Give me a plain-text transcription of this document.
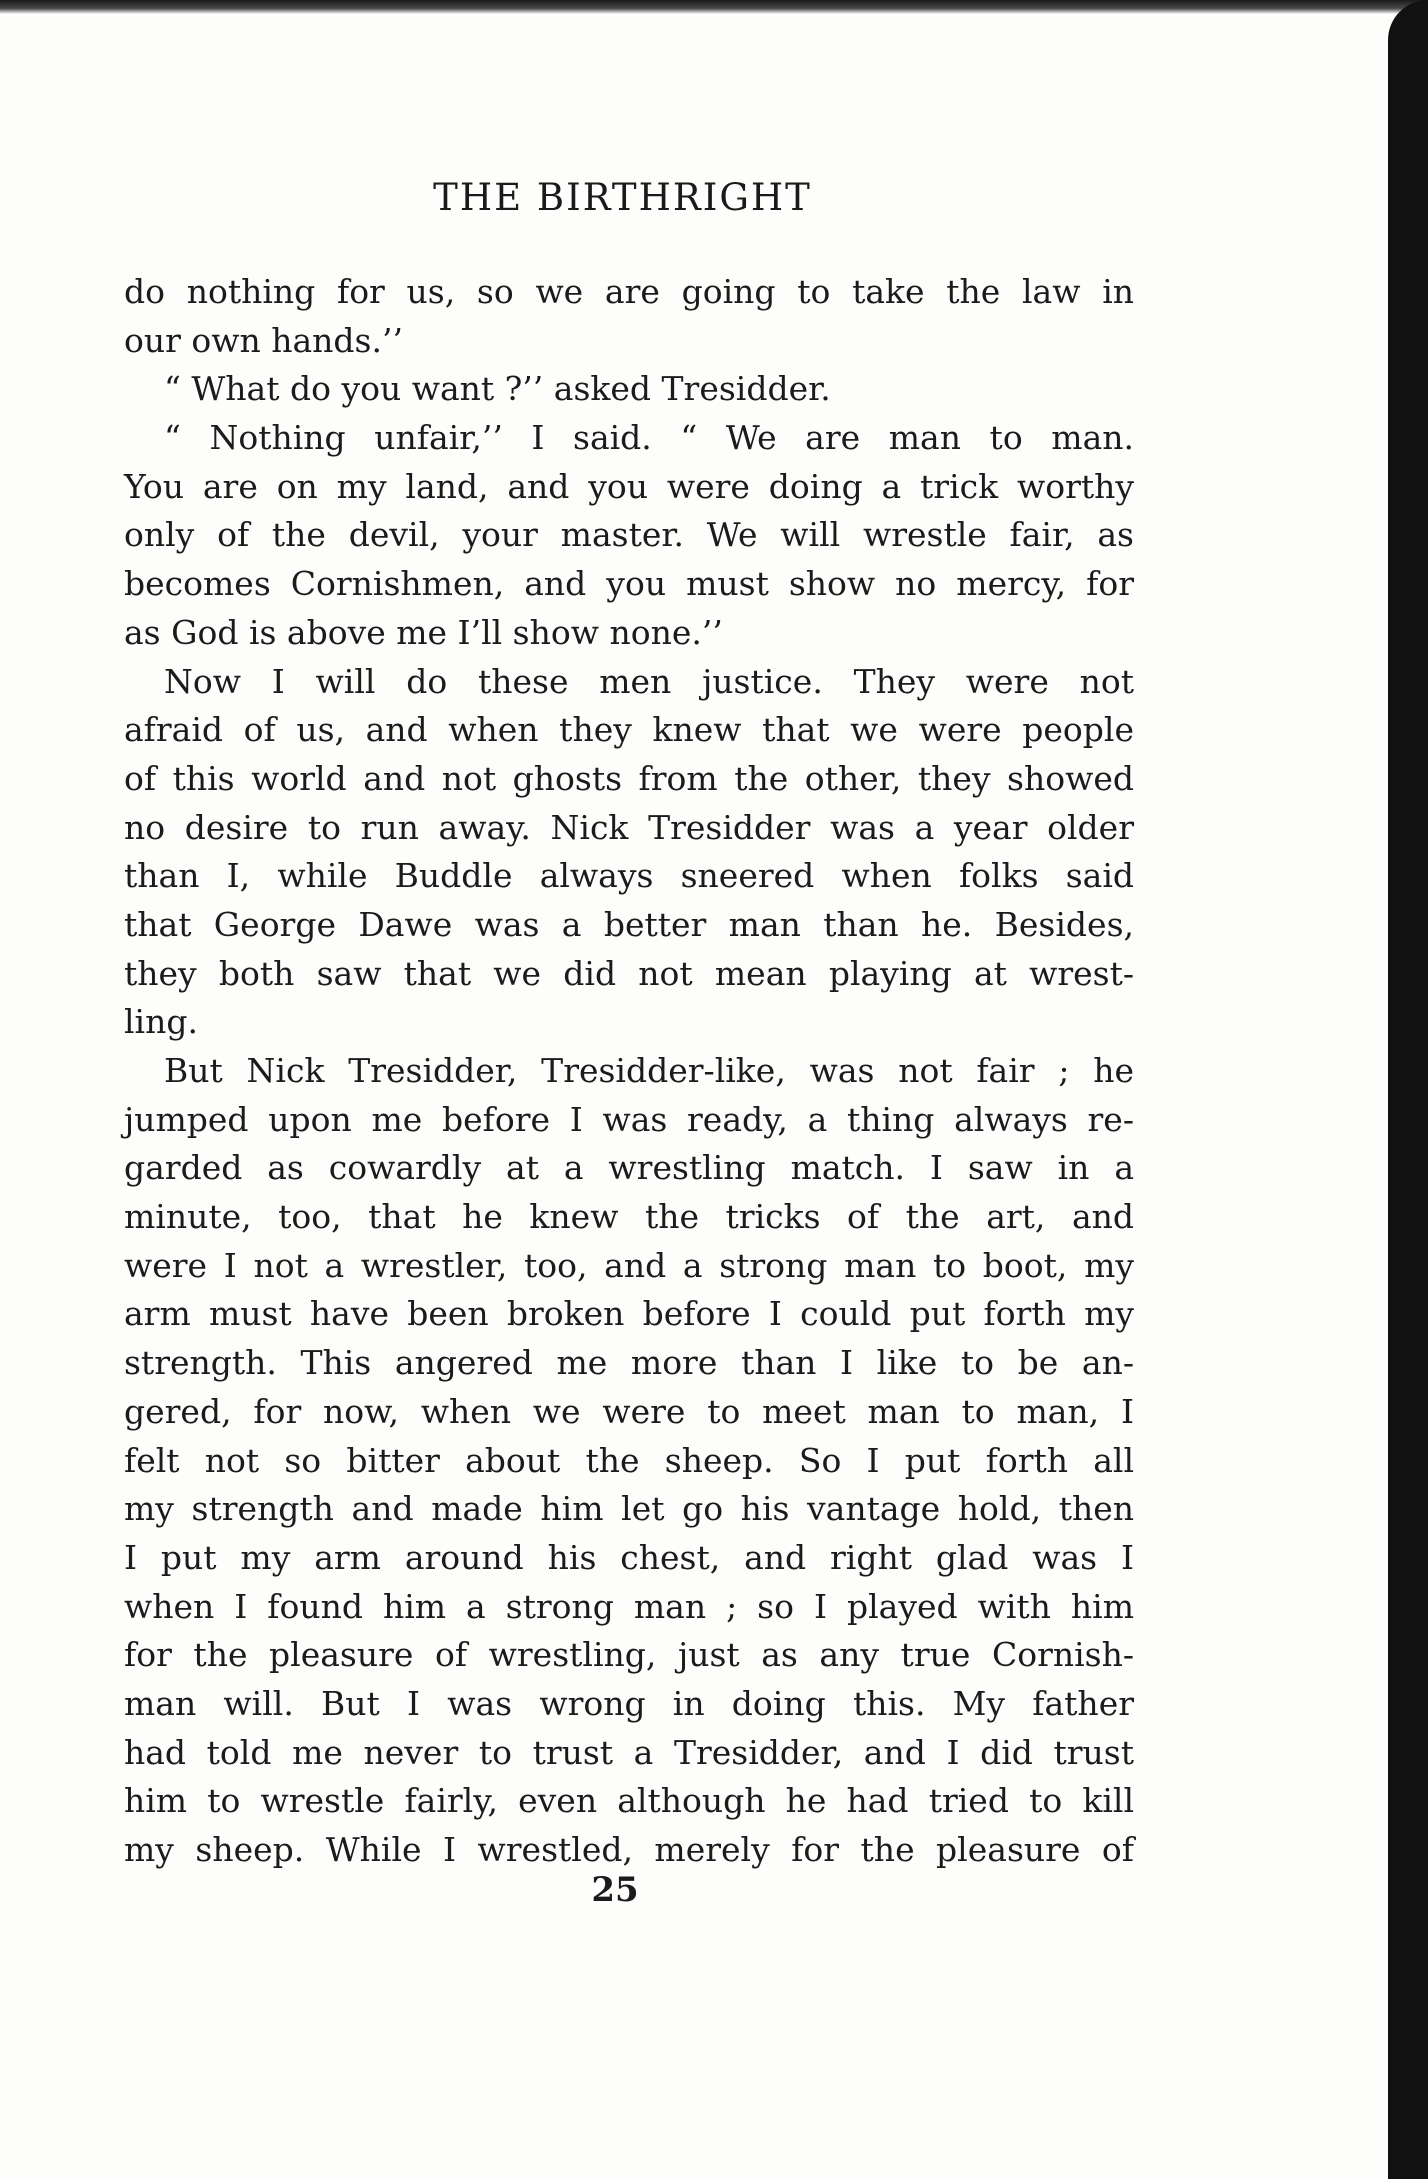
THE BIRTHRIGHT
do nothing for us, so we are going to take the law in
our own hands.’’
“ What do you want ?’’ asked Tresidder.
“ Nothing unfair,’’ I said. “ We are man to man.
You are on my land, and you were doing a trick worthy
only of the devil, your master. We will wrestle fair, as
becomes Cornishmen, and you must show no mercy, for
as God is above me I’ll show none.’’
Now I will do these men justice. They were not
afraid of us, and when they knew that we were people
of this world and not ghosts from the other, they showed
no desire to run away. Nick Tresidder was a year older
than I, while Buddle always sneered when folks said
that George Dawe was a better man than he. Besides,
they both saw that we did not mean playing at wrest-
ling.
But Nick Tresidder, Tresidder-like, was not fair ; he
jumped upon me before I was ready, a thing always re-
garded as cowardly at a wrestling match. I saw in a
minute, too, that he knew the tricks of the art, and
were I not a wrestler, too, and a strong man to boot, my
arm must have been broken before I could put forth my
strength. This angered me more than I like to be an-
gered, for now, when we were to meet man to man, I
felt not so bitter about the sheep. So I put forth all
my strength and made him let go his vantage hold, then
I put my arm around his chest, and right glad was I
when I found him a strong man ; so I played with him
for the pleasure of wrestling, just as any true Cornish-
man will. But I was wrong in doing this. My father
had told me never to trust a Tresidder, and I did trust
him to wrestle fairly, even although he had tried to kill
my sheep. While I wrestled, merely for the pleasure of
25
